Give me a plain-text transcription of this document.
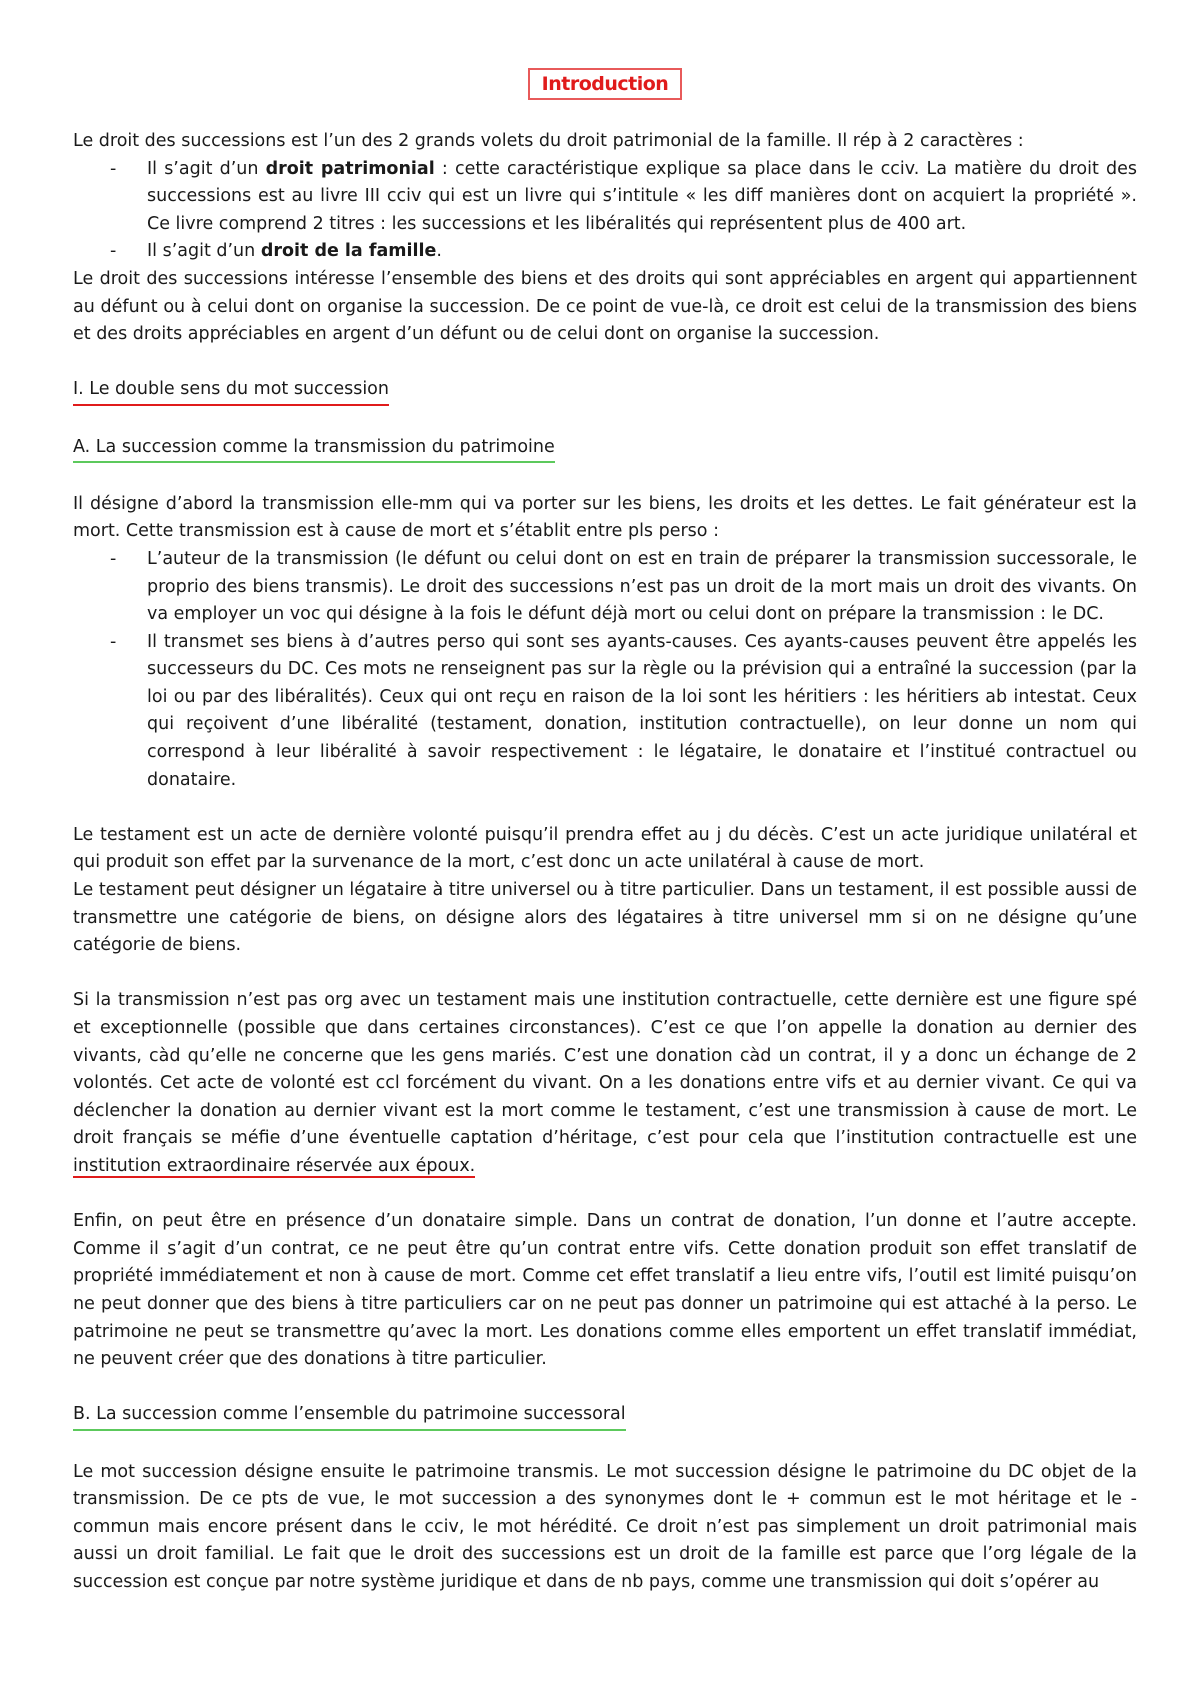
Introduction

Le droit des successions est l’un des 2 grands volets du droit patrimonial de la famille. Il rép à 2 caractères :

- Il s’agit d’un droit patrimonial : cette caractéristique explique sa place dans le cciv. La matière du droit des successions est au livre III cciv qui est un livre qui s’intitule « les diff manières dont on acquiert la propriété ». Ce livre comprend 2 titres : les successions et les libéralités qui représentent plus de 400 art.
- Il s’agit d’un droit de la famille.

Le droit des successions intéresse l’ensemble des biens et des droits qui sont appréciables en argent qui appartiennent au défunt ou à celui dont on organise la succession. De ce point de vue-là, ce droit est celui de la transmission des biens et des droits appréciables en argent d’un défunt ou de celui dont on organise la succession.

I. Le double sens du mot succession
A. La succession comme la transmission du patrimoine

Il désigne d’abord la transmission elle-mm qui va porter sur les biens, les droits et les dettes. Le fait générateur est la mort. Cette transmission est à cause de mort et s’établit entre pls perso :

- L’auteur de la transmission (le défunt ou celui dont on est en train de préparer la transmission successorale, le proprio des biens transmis). Le droit des successions n’est pas un droit de la mort mais un droit des vivants. On va employer un voc qui désigne à la fois le défunt déjà mort ou celui dont on prépare la transmission : le DC.
- Il transmet ses biens à d’autres perso qui sont ses ayants-causes. Ces ayants-causes peuvent être appelés les successeurs du DC. Ces mots ne renseignent pas sur la règle ou la prévision qui a entraîné la succession (par la loi ou par des libéralités). Ceux qui ont reçu en raison de la loi sont les héritiers : les héritiers ab intestat. Ceux qui reçoivent d’une libéralité (testament, donation, institution contractuelle), on leur donne un nom qui correspond à leur libéralité à savoir respectivement : le légataire, le donataire et l’institué contractuel ou donataire.

Le testament est un acte de dernière volonté puisqu’il prendra effet au j du décès. C’est un acte juridique unilatéral et qui produit son effet par la survenance de la mort, c’est donc un acte unilatéral à cause de mort.

Le testament peut désigner un légataire à titre universel ou à titre particulier. Dans un testament, il est possible aussi de transmettre une catégorie de biens, on désigne alors des légataires à titre universel mm si on ne désigne qu’une catégorie de biens.

Si la transmission n’est pas org avec un testament mais une institution contractuelle, cette dernière est une figure spé et exceptionnelle (possible que dans certaines circonstances). C’est ce que l’on appelle la donation au dernier des vivants, càd qu’elle ne concerne que les gens mariés. C’est une donation càd un contrat, il y a donc un échange de 2 volontés. Cet acte de volonté est ccl forcément du vivant. On a les donations entre vifs et au dernier vivant. Ce qui va déclencher la donation au dernier vivant est la mort comme le testament, c’est une transmission à cause de mort. Le droit français se méfie d’une éventuelle captation d’héritage, c’est pour cela que l’institution contractuelle est une institution extraordinaire réservée aux époux.

Enfin, on peut être en présence d’un donataire simple. Dans un contrat de donation, l’un donne et l’autre accepte. Comme il s’agit d’un contrat, ce ne peut être qu’un contrat entre vifs. Cette donation produit son effet translatif de propriété immédiatement et non à cause de mort. Comme cet effet translatif a lieu entre vifs, l’outil est limité puisqu’on ne peut donner que des biens à titre particuliers car on ne peut pas donner un patrimoine qui est attaché à la perso. Le patrimoine ne peut se transmettre qu’avec la mort. Les donations comme elles emportent un effet translatif immédiat, ne peuvent créer que des donations à titre particulier.

B. La succession comme l’ensemble du patrimoine successoral

Le mot succession désigne ensuite le patrimoine transmis. Le mot succession désigne le patrimoine du DC objet de la transmission. De ce pts de vue, le mot succession a des synonymes dont le + commun est le mot héritage et le - commun mais encore présent dans le cciv, le mot hérédité. Ce droit n’est pas simplement un droit patrimonial mais aussi un droit familial. Le fait que le droit des successions est un droit de la famille est parce que l’org légale de la succession est conçue par notre système juridique et dans de nb pays, comme une transmission qui doit s’opérer au
